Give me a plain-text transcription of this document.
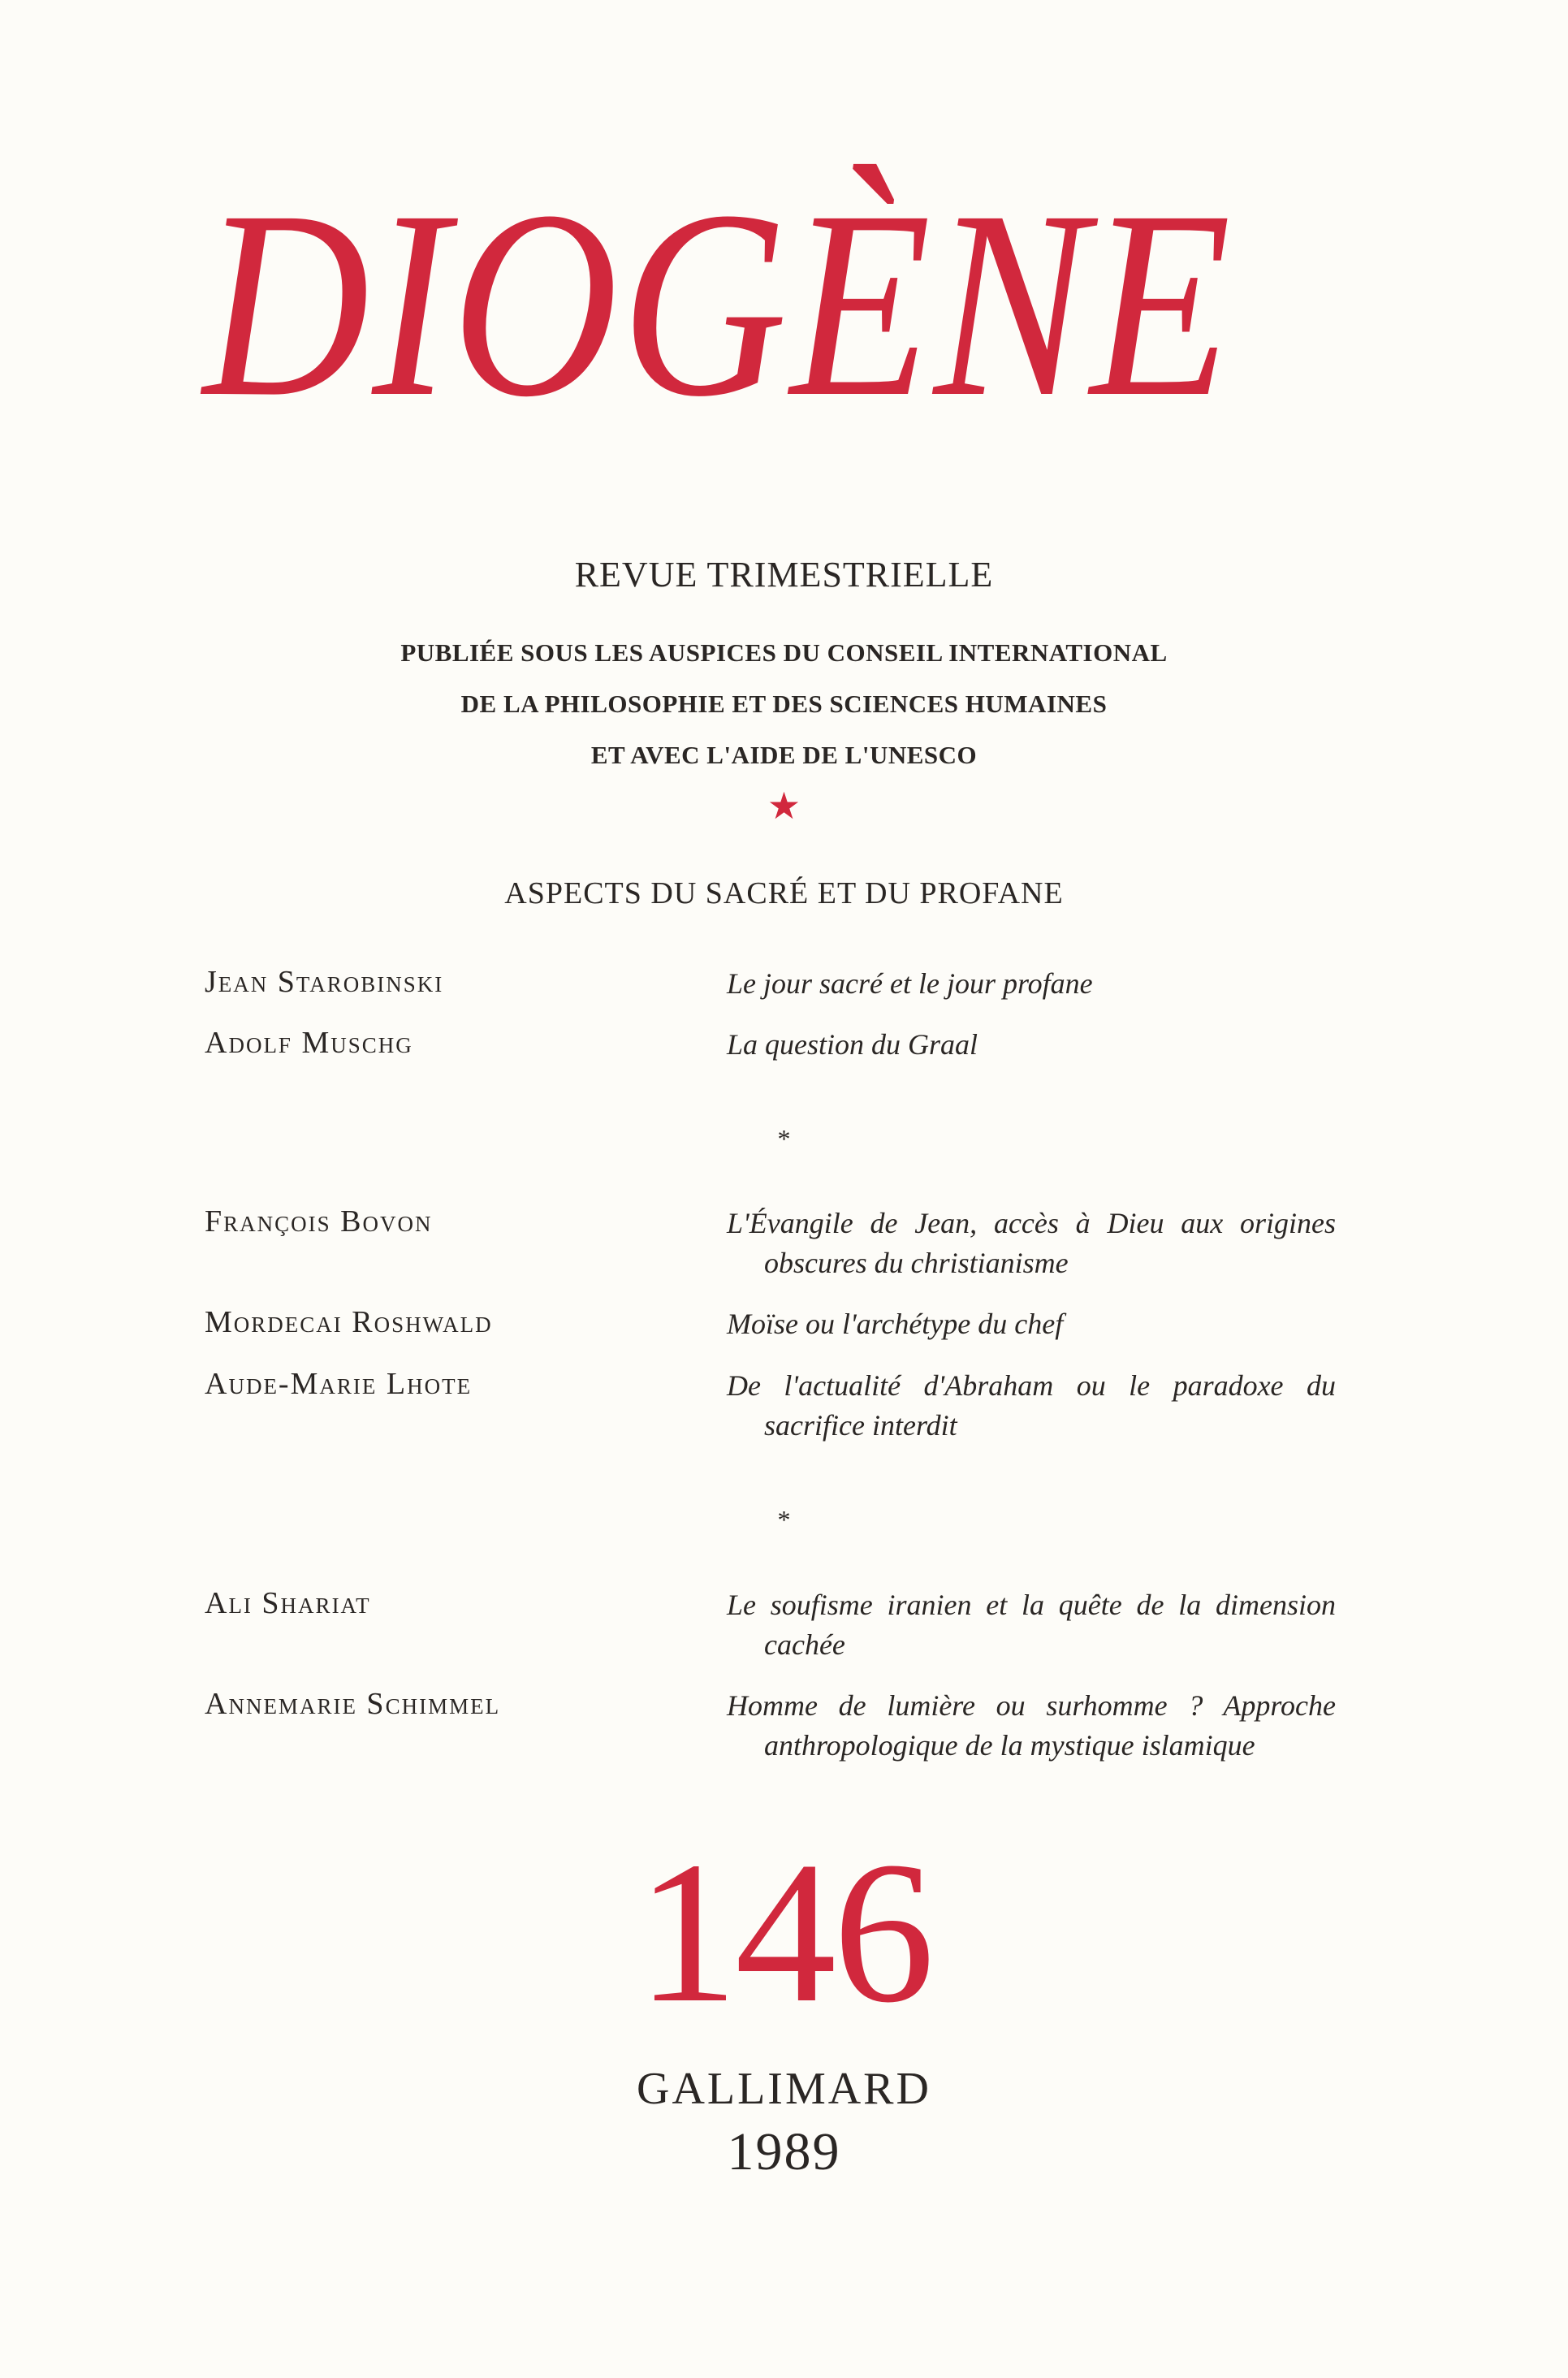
DIOGÈNE
REVUE TRIMESTRIELLE
PUBLIÉE SOUS LES AUSPICES DU CONSEIL INTERNATIONAL
DE LA PHILOSOPHIE ET DES SCIENCES HUMAINES
ET AVEC L'AIDE DE L'UNESCO
★
ASPECTS DU SACRÉ ET DU PROFANE
Jean Starobinski	Le jour sacré et le jour profane
Adolf Muschg	La question du Graal
*
François Bovon	L'Évangile de Jean, accès à Dieu aux origines obscures du christianisme
Mordecai Roshwald	Moïse ou l'archétype du chef
Aude-Marie Lhote	De l'actualité d'Abraham ou le paradoxe du sacrifice interdit
*
Ali Shariat	Le soufisme iranien et la quête de la dimension cachée
Annemarie Schimmel	Homme de lumière ou surhomme ? Approche anthropologique de la mystique islamique
146
GALLIMARD
1989
